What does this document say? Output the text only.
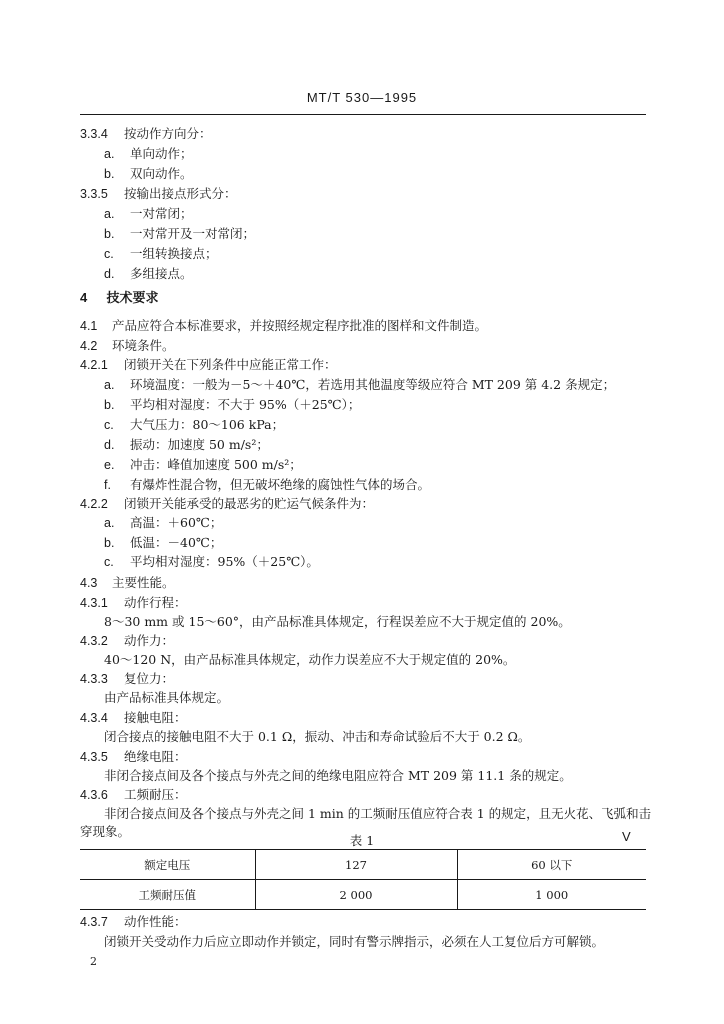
MT/T 530—1995
3.3.4 按动作方向分：
a. 单向动作；
b. 双向动作。
3.3.5 按输出接点形式分：
a. 一对常闭；
b. 一对常开及一对常闭；
c. 一组转换接点；
d. 多组接点。
4 技术要求
4.1 产品应符合本标准要求，并按照经规定程序批准的图样和文件制造。
4.2 环境条件。
4.2.1 闭锁开关在下列条件中应能正常工作：
a. 环境温度：一般为－5～＋40℃，若选用其他温度等级应符合 MT 209 第 4.2 条规定；
b. 平均相对湿度：不大于 95%（＋25℃）；
c. 大气压力：80～106 kPa；
d. 振动：加速度 50 m/s²；
e. 冲击：峰值加速度 500 m/s²；
f. 有爆炸性混合物，但无破坏绝缘的腐蚀性气体的场合。
4.2.2 闭锁开关能承受的最恶劣的贮运气候条件为：
a. 高温：＋60℃；
b. 低温：－40℃；
c. 平均相对湿度：95%（＋25℃）。
4.3 主要性能。
4.3.1 动作行程：
8～30 mm 或 15～60°，由产品标准具体规定，行程误差应不大于规定值的 20%。
4.3.2 动作力：
40～120 N，由产品标准具体规定，动作力误差应不大于规定值的 20%。
4.3.3 复位力：
由产品标准具体规定。
4.3.4 接触电阻：
闭合接点的接触电阻不大于 0.1 Ω，振动、冲击和寿命试验后不大于 0.2 Ω。
4.3.5 绝缘电阻：
非闭合接点间及各个接点与外壳之间的绝缘电阻应符合 MT 209 第 11.1 条的规定。
4.3.6 工频耐压：
非闭合接点间及各个接点与外壳之间 1 min 的工频耐压值应符合表 1 的规定，且无火花、飞弧和击
穿现象。
表 1	V
额定电压	127	60 以下
工频耐压值	2 000	1 000
4.3.7 动作性能：
闭锁开关受动作力后应立即动作并锁定，同时有警示牌指示，必须在人工复位后方可解锁。
2
